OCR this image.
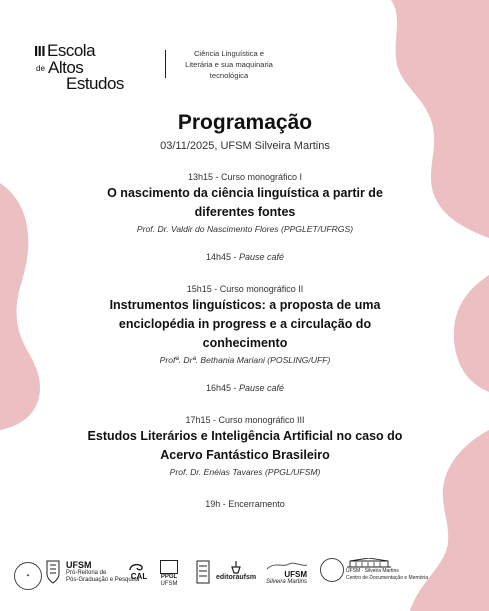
III Escola
de Altos
Estudos
Ciência Linguística e
Literária e sua maquinaria
tecnológica
Programação
03/11/2025, UFSM Silveira Martins
13h15 - Curso monográfico I
O nascimento da ciência linguística a partir de
diferentes fontes
Prof. Dr. Valdir do Nascimento Flores (PPGLET/UFRGS)
14h45 - Pause café
15h15 - Curso monográfico II
Instrumentos linguísticos: a proposta de uma
enciclopédia in progress e a circulação do
conhecimento
Profª. Drª. Bethania Mariani (POSLING/UFF)
16h45 - Pause café
17h15 - Curso monográfico III
Estudos Literários e Inteligência Artificial no caso do
Acervo Fantástico Brasileiro
Prof. Dr. Enéias Tavares (PPGL/UFSM)
19h - Encerramento
✦
UFSM
Pró-Reitoria de
Pós-Graduação e Pesquisa
CAL PPGL
UFSM
editoraufsm	UFSM
Silveira Martins
UFSM · Silveira Martins
Centro de Documentação e Memória
